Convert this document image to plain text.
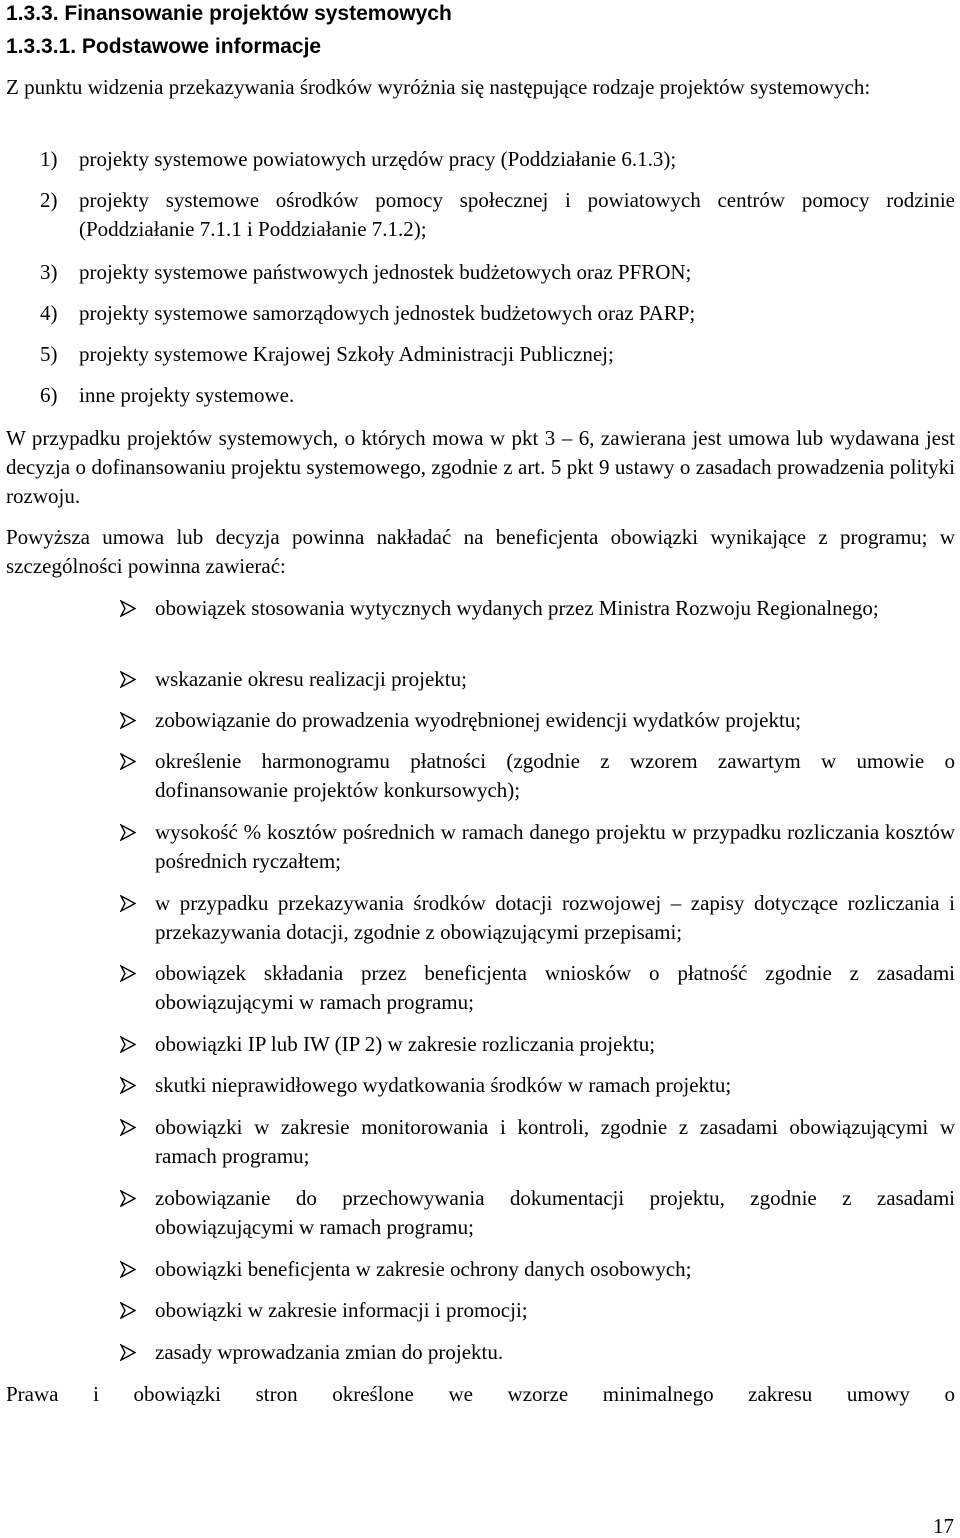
1.3.3. Finansowanie projektów systemowych
1.3.3.1. Podstawowe informacje

Z punktu widzenia przekazywania środków wyróżnia się następujące rodzaje projektów systemowych:

1)	projekty systemowe powiatowych urzędów pracy (Poddziałanie 6.1.3);
2)	projekty systemowe ośrodków pomocy społecznej i powiatowych centrów pomocy rodzinie (Poddziałanie 7.1.1 i Poddziałanie 7.1.2);
3)	projekty systemowe państwowych jednostek budżetowych oraz PFRON;
4)	projekty systemowe samorządowych jednostek budżetowych oraz PARP;
5)	projekty systemowe Krajowej Szkoły Administracji Publicznej;
6)	inne projekty systemowe.

W przypadku projektów systemowych, o których mowa w pkt 3 – 6, zawierana jest umowa lub wydawana jest decyzja o dofinansowaniu projektu systemowego, zgodnie z art. 5 pkt 9 ustawy o zasadach prowadzenia polityki rozwoju.

Powyższa umowa lub decyzja powinna nakładać na beneficjenta obowiązki wynikające z programu; w szczególności powinna zawierać:

obowiązek stosowania wytycznych wydanych przez Ministra Rozwoju Regionalnego;
wskazanie okresu realizacji projektu;
zobowiązanie do prowadzenia wyodrębnionej ewidencji wydatków projektu;
określenie harmonogramu płatności (zgodnie z wzorem zawartym w umowie o dofinansowanie projektów konkursowych);
wysokość % kosztów pośrednich w ramach danego projektu w przypadku rozliczania kosztów pośrednich ryczałtem;
w przypadku przekazywania środków dotacji rozwojowej – zapisy dotyczące rozliczania i przekazywania dotacji, zgodnie z obowiązującymi przepisami;
obowiązek składania przez beneficjenta wniosków o płatność zgodnie z zasadami obowiązującymi w ramach programu;
obowiązki IP lub IW (IP 2) w zakresie rozliczania projektu;
skutki nieprawidłowego wydatkowania środków w ramach projektu;
obowiązki w zakresie monitorowania i kontroli, zgodnie z zasadami obowiązującymi w ramach programu;
zobowiązanie do przechowywania dokumentacji projektu, zgodnie z zasadami obowiązującymi w ramach programu;
obowiązki beneficjenta w zakresie ochrony danych osobowych;
obowiązki w zakresie informacji i promocji;
zasady wprowadzania zmian do projektu.

Prawa i obowiązki stron określone we wzorze minimalnego zakresu umowy o

17
